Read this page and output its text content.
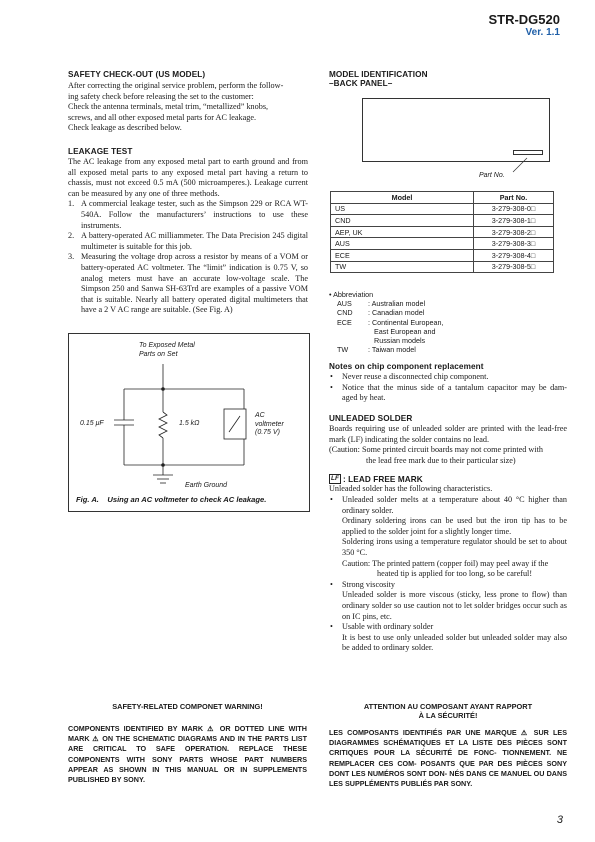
STR-DG520
Ver. 1.1
SAFETY CHECK-OUT (US MODEL)
After correcting the original service problem, perform the follow-
ing safety check before releasing the set to the customer:
Check the antenna terminals, metal trim, “metallized” knobs,
screws, and all other exposed metal parts for AC leakage.
Check leakage as described below.
LEAKAGE TEST

The AC leakage from any exposed metal part to earth ground and from all exposed metal parts to any exposed metal part having a return to chassis, must not exceed 0.5 mA (500 microamperes.). Leakage current can be measured by any one of three methods.

1. A commercial leakage tester, such as the Simpson 229 or RCA WT-540A. Follow the manufacturers’ instructions to use these instruments.
2. A battery-operated AC milliammeter. The Data Precision 245 digital multimeter is suitable for this job.
3. Measuring the voltage drop across a resistor by means of a VOM or battery-operated AC voltmeter. The “limit” indication is 0.75 V, so analog meters must have an accurate low-voltage scale. The Simpson 250 and Sanwa SH-63Trd are examples of a passive VOM that is suitable. Nearly all battery operated digital multimeters that have a 2 V AC range are suitable. (See Fig. A)
To Exposed Metal
Parts on Set
0.15 μF	1.5 kΩ
AC
voltmeter
(0.75 V)
Earth Ground
Fig. A.    Using an AC voltmeter to check AC leakage.
MODEL IDENTIFICATION
–BACK PANEL–
Part No.
Model	Part No.
US	3-279-308-0□
CND	3-279-308-1□
AEP, UK	3-279-308-2□
AUS	3-279-308-3□
ECE	3-279-308-4□
TW	3-279-308-5□
• Abbreviation
AUS	: Australian model
CND	: Canadian model
ECE	: Continental European,
East European and
Russian models
TW	: Taiwan model
Notes on chip component replacement
• Never reuse a disconnected chip component.
• Notice that the minus side of a tantalum capacitor may be dam- aged by heat.
UNLEADED SOLDER

Boards requiring use of unleaded solder are printed with the lead-free mark (LF) indicating the solder contains no lead.

(Caution: Some printed circuit boards may not come printed with
the lead free mark due to their particular size)
LF : LEAD FREE MARK
Unleaded solder has the following characteristics.
• Unleaded solder melts at a temperature about 40 °C higher than ordinary solder.
Ordinary soldering irons can be used but the iron tip has to be applied to the solder joint for a slightly longer time.
Soldering irons using a temperature regulator should be set to about 350 °C.
Caution: The printed pattern (copper foil) may peel away if the
heated tip is applied for too long, so be careful!
• Strong viscosity
Unleaded solder is more viscous (sticky, less prone to flow) than ordinary solder so use caution not to let solder bridges occur such as on IC pins, etc.
• Usable with ordinary solder
It is best to use only unleaded solder but unleaded solder may also be added to ordinary solder.
SAFETY-RELATED COMPONET WARNING!

COMPONENTS IDENTIFIED BY MARK ⚠ OR DOTTED LINE WITH MARK ⚠ ON THE SCHEMATIC DIAGRAMS AND IN THE PARTS LIST ARE CRITICAL TO SAFE OPERATION. REPLACE THESE COMPONENTS WITH SONY PARTS WHOSE PART NUMBERS APPEAR AS SHOWN IN THIS MANUAL OR IN SUPPLEMENTS PUBLISHED BY SONY.

ATTENTION AU COMPOSANT AYANT RAPPORT
À LA SÉCURITÉ!

LES COMPOSANTS IDENTIFIÉS PAR UNE MARQUE ⚠ SUR LES DIAGRAMMES SCHÉMATIQUES ET LA LISTE DES PIÈCES SONT CRITIQUES POUR LA SÉCURITÉ DE FONC- TIONNEMENT. NE REMPLACER CES COM- POSANTS QUE PAR DES PIÈCES SONY DONT LES NUMÉROS SONT DON- NÉS DANS CE MANUEL OU DANS LES SUPPLÉMENTS PUBLIÉS PAR SONY.

3
